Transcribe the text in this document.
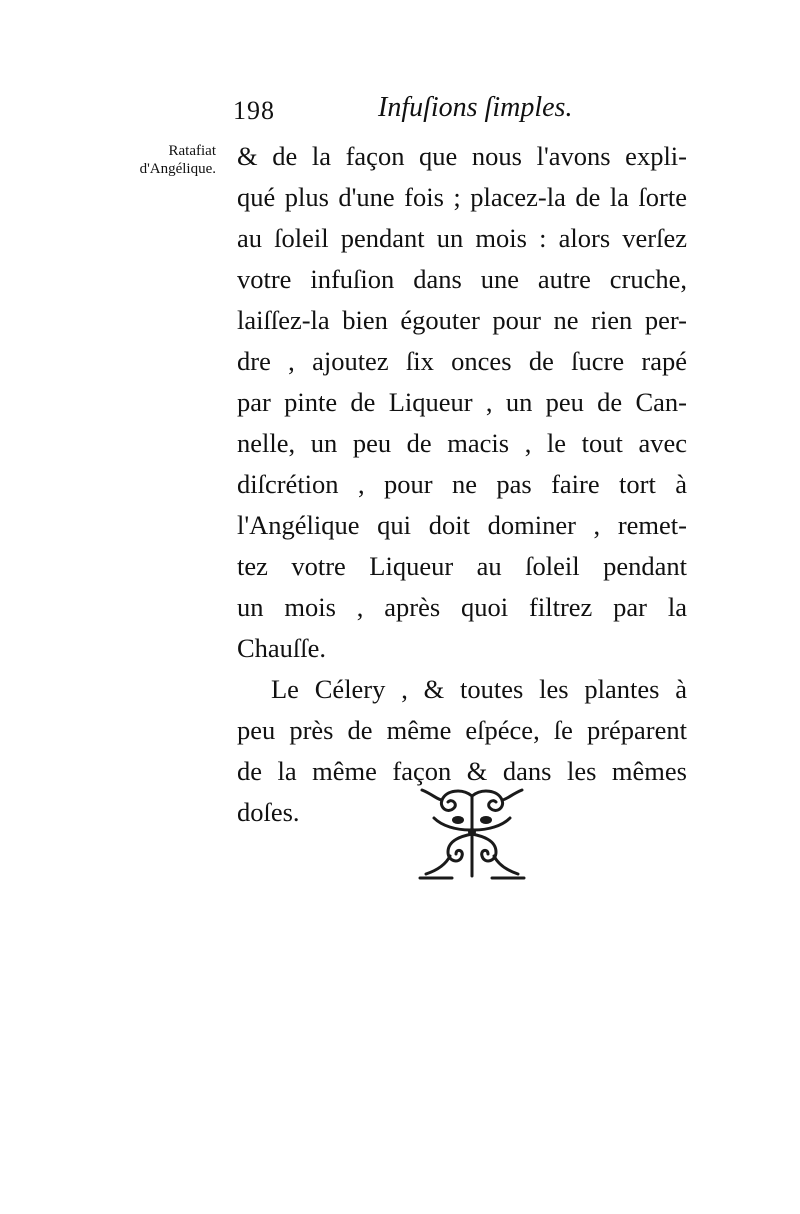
198	Infuſions ſimples.
Ratafiat
d'Angélique. & de la façon que nous l'avons expli-
qué plus d'une fois ; placez-la de la ſorte
au ſoleil pendant un mois : alors verſez
votre infuſion dans une autre cruche,
laiſſez-la bien égouter pour ne rien per-
dre , ajoutez ſix onces de ſucre rapé
par pinte de Liqueur , un peu de Can-
nelle, un peu de macis , le tout avec
diſcrétion , pour ne pas faire tort à
l'Angélique qui doit dominer , remet-
tez votre Liqueur au ſoleil pendant
un mois , après quoi filtrez par la
Chauſſe.
Le Célery , & toutes les plantes à
peu près de même eſpéce, ſe préparent
de la même façon & dans les mêmes
doſes.
